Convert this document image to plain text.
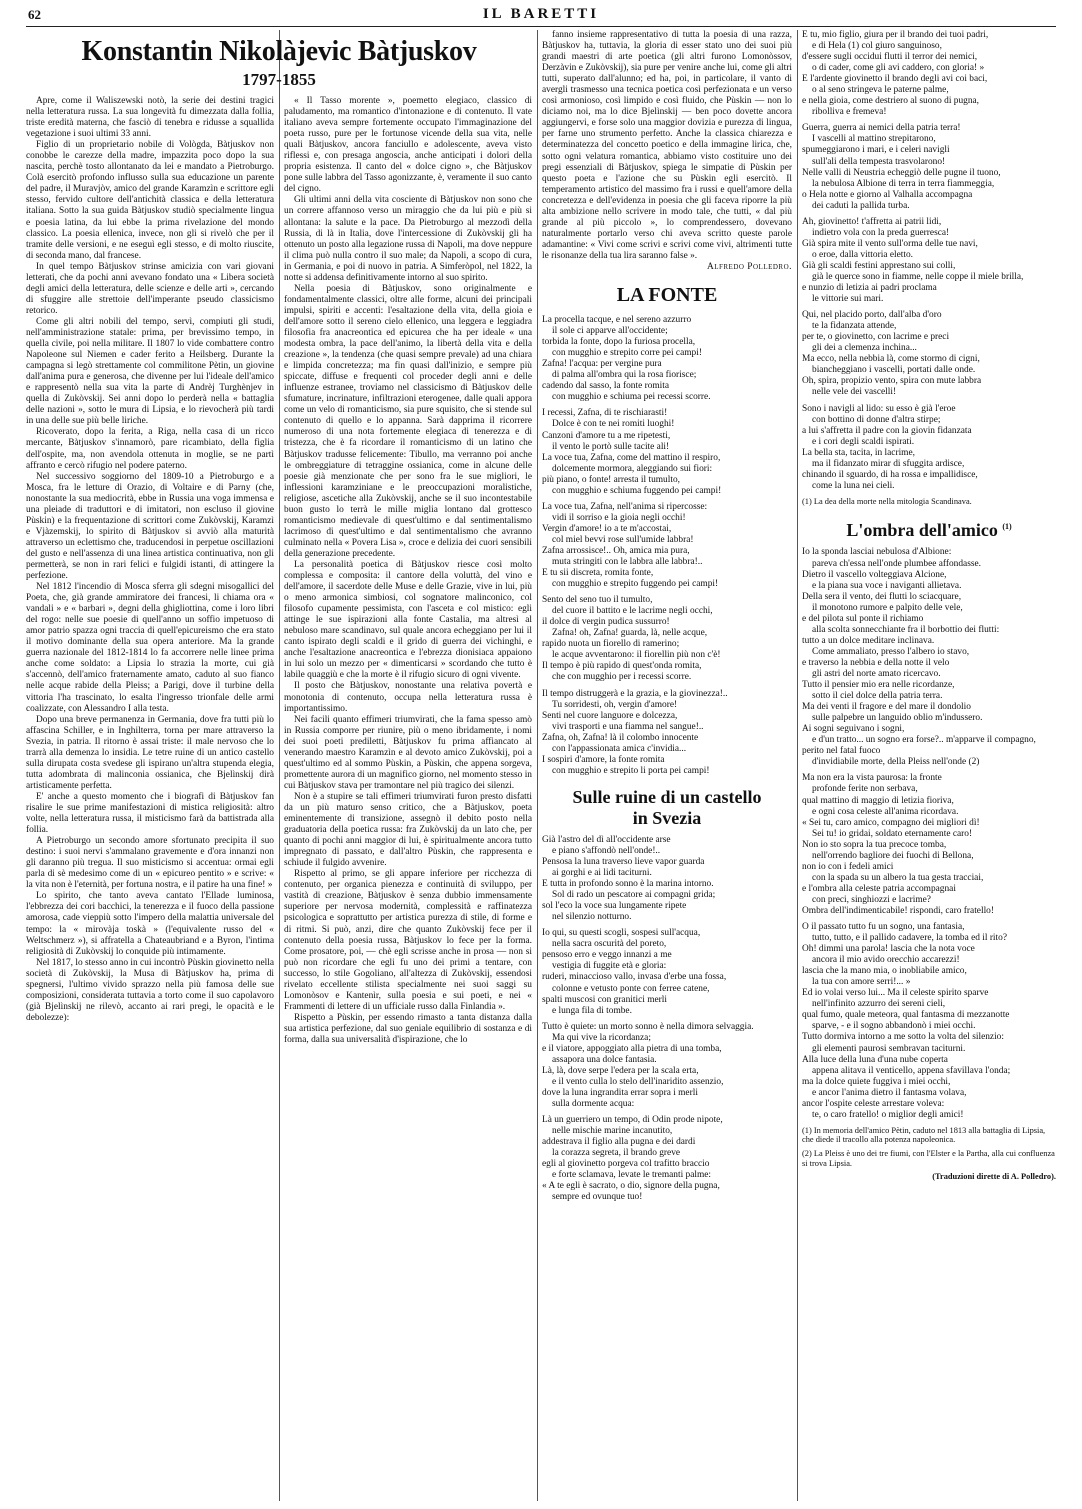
62	IL BARETTI
Konstantin Nikolàjevic Bàtjuskov
1797-1855

Apre, come il Waliszewski notò, la serie dei destini tragici nella letteratura russa. La sua longevità fu dimezzata dalla follia, triste eredità materna, che fasciò di tenebra e ridusse a squallida vegetazione i suoi ultimi 33 anni.

Figlio di un proprietario nobile di Vològda, Bàtjuskov non conobbe le carezze della madre, impazzita poco dopo la sua nascita, perchè tosto allontanato da lei e mandato a Pietroburgo. Colà esercitò profondo influsso sulla sua educazione un parente del padre, il Muravjòv, amico del grande Karamzìn e scrittore egli stesso, fervido cultore dell'antichità classica e della letteratura italiana. Sotto la sua guida Bàtjuskov studiò specialmente lingua e poesia latina, da lui ebbe la prima rivelazione del mondo classico. La poesia ellenica, invece, non gli si rivelò che per il tramite delle versioni, e ne eseguì egli stesso, e di molto riuscite, di seconda mano, dal francese.

In quel tempo Bàtjuskov strinse amicizia con vari giovani letterati, che da pochi anni avevano fondato una « Libera società degli amici della letteratura, delle scienze e delle arti », cercando di sfuggire alle strettoie dell'imperante pseudo classicismo retorico.

Come gli altri nobili del tempo, servì, compiuti gli studi, nell'amministrazione statale: prima, per brevissimo tempo, in quella civile, poi nella militare. Il 1807 lo vide combattere contro Napoleone sul Niemen e cader ferito a Heilsberg. Durante la campagna si legò strettamente col commilitone Pètin, un giovine dall'anima pura e generosa, che divenne per lui l'ideale dell'amico e rappresentò nella sua vita la parte di Andrèj Turghènjev in quella di Zukòvskij. Sei anni dopo lo perderà nella « battaglia delle nazioni », sotto le mura di Lipsia, e lo rievocherà più tardi in una delle sue più belle liriche.

Ricoverato, dopo la ferita, a Riga, nella casa di un ricco mercante, Bàtjuskov s'innamorò, pare ricambiato, della figlia dell'ospite, ma, non avendola ottenuta in moglie, se ne partì affranto e cercò rifugio nel podere paterno.

Nel successivo soggiorno del 1809-10 a Pietroburgo e a Mosca, fra le letture di Orazio, di Voltaire e di Parny (che, nonostante la sua mediocrità, ebbe in Russia una voga immensa e una pleiade di traduttori e di imitatori, non escluso il giovine Pùskin) e la frequentazione di scrittori come Zukòvskij, Karamzì e Vjàzemskij, lo spirito di Bàtjuskov si avviò alla maturità attraverso un eclettismo che, traducendosi in perpetue oscillazioni del gusto e nell'assenza di una linea artistica continuativa, non gli permetterà, se non in rari felici e fulgidi istanti, di attingere la perfezione.

Nel 1812 l'incendio di Mosca sferra gli sdegni misogallici del Poeta, che, già grande ammiratore dei francesi, li chiama ora « vandali » e « barbari », degni della ghigliottina, come i loro libri del rogo: nelle sue poesie di quell'anno un soffio impetuoso di amor patrio spazza ogni traccia di quell'epicureismo che era stato il motivo dominante della sua opera anteriore. Ma la grande guerra nazionale del 1812-1814 lo fa accorrere nelle linee prima anche come soldato: a Lipsia lo strazia la morte, cui già s'accennò, dell'amico fraternamente amato, caduto al suo fianco nelle acque rabide della Pleiss; a Parigi, dove il turbine della vittoria l'ha trascinato, lo esalta l'ingresso trionfale delle armi coalizzate, con Alessandro I alla testa.

Dopo una breve permanenza in Germania, dove fra tutti più lo affascina Schiller, e in Inghilterra, torna per mare attraverso la Svezia, in patria. Il ritorno è assai triste: il male nervoso che lo trarrà alla demenza lo insidia. Le tetre ruine di un antico castello sulla dirupata costa svedese gli ispirano un'altra stupenda elegia, tutta adombrata di malinconia ossianica, che Bjelìnskij dirà artisticamente perfetta.

E' anche a questo momento che i biografi di Bàtjuskov fan risalire le sue prime manifestazioni di mistica religiosità: altro volte, nella letteratura russa, il misticismo farà da battistrada alla follia.

A Pietroburgo un secondo amore sfortunato precipita il suo destino: i suoi nervi s'ammalano gravemente e d'ora innanzi non gli daranno più tregua. Il suo misticismo si accentua: ormai egli parla di sè medesimo come di un « epicureo pentito » e scrive: « la vita non è l'eternità, per fortuna nostra, e il patire ha una fine! »

Lo spirito, che tanto aveva cantato l'Ellade luminosa, l'ebbrezza dei cori bacchici, la tenerezza e il fuoco della passione amorosa, cade vieppiù sotto l'impero della malattia universale del tempo: la « mirovàja toskà » (l'equivalente russo del « Weltschmerz »), si affratella a Chateaubriand e a Byron, l'intima religiosità di Zukòvskij lo conquide più intimamente.

Nel 1817, lo stesso anno in cui incontrò Pùskin giovinetto nella società di Zukòvskij, la Musa di Bàtjuskov ha, prima di spegnersi, l'ultimo vivido sprazzo nella più famosa delle sue composizioni, considerata tuttavia a torto come il suo capolavoro (già Bjelìnskij ne rilevò, accanto ai rari pregi, le opacità e le debolezze):

« Il Tasso morente », poemetto elegiaco, classico di paludamento, ma romantico d'intonazione e di contenuto. Il vate italiano aveva sempre fortemente occupato l'immaginazione del poeta russo, pure per le fortunose vicende della sua vita, nelle quali Bàtjuskov, ancora fanciullo e adolescente, aveva visto riflessi e, con presaga angoscia, anche anticipati i dolori della propria esistenza. Il canto del « dolce cigno », che Bàtjuskov pone sulle labbra del Tasso agonizzante, è, veramente il suo canto del cigno.

Gli ultimi anni della vita cosciente di Bàtjuskov non sono che un correre affannoso verso un miraggio che da lui più e più si allontana: la salute e la pace. Da Pietroburgo al mezzodì della Russia, di là in Italia, dove l'intercessione di Zukòvskij gli ha ottenuto un posto alla legazione russa di Napoli, ma dove neppure il clima può nulla contro il suo male; da Napoli, a scopo di cura, in Germania, e poi di nuovo in patria. A Simferòpol, nel 1822, la notte si addensa definitivamente intorno al suo spirito.

Nella poesia di Bàtjuskov, sono originalmente e fondamentalmente classici, oltre alle forme, alcuni dei principali impulsi, spiriti e accenti: l'esaltazione della vita, della gioia e dell'amore sotto il sereno cielo ellenico, una leggera e leggiadra filosofia fra anacreontica ed epicurea che ha per ideale « una modesta ombra, la pace dell'animo, la libertà della vita e della creazione », la tendenza (che quasi sempre prevale) ad una chiara e limpida concretezza; ma fin quasi dall'inizio, e sempre più spiccate, diffuse e frequenti col proceder degli anni e delle influenze estranee, troviamo nel classicismo di Bàtjuskov delle sfumature, incrinature, infiltrazioni eterogenee, dalle quali appora come un velo di romanticismo, sia pure squisito, che si stende sul contenuto di quello e lo appanna. Sarà dapprima il ricorrere numeroso di una nota fortemente elegiaca di tenerezza e di tristezza, che è fa ricordare il romanticismo di un latino che Bàtjuskov tradusse felicemente: Tibullo, ma verranno poi anche le ombreggiature di tetraggine ossianica, come in alcune delle poesie già menzionate che per sono fra le sue migliori, le inflessioni karamziniane e le preoccupazioni moralistiche, religiose, ascetiche alla Zukòvskij, anche se il suo incontestabile buon gusto lo terrà le mille miglia lontano dal grottesco romanticismo medievale di quest'ultimo e dal sentimentalismo lacrimoso di quest'ultimo e dal sentimentalismo che avranno culminato nella « Povera Lisa », croce e delizia dei cuori sensibili della generazione precedente.

La personalità poetica di Bàtjuskov riesce così molto complessa e composita: il cantore della voluttà, del vino e dell'amore, il sacerdote delle Muse e delle Grazie, vive in lui, più o meno armonica simbiosi, col sognatore malinconico, col filosofo cupamente pessimista, con l'asceta e col mistico: egli attinge le sue ispirazioni alla fonte Castalia, ma altresì al nebuloso mare scandinavo, sul quale ancora echeggiano per lui il canto ispirato degli scaldi e il grido di guerra dei vichinghi, e anche l'esaltazione anacreontica e l'ebrezza dionisiaca appaiono in lui solo un mezzo per « dimenticarsi » scordando che tutto è labile quaggiù e che la morte è il rifugio sicuro di ogni vivente.

Il posto che Bàtjuskov, nonostante una relativa povertà e monotonia di contenuto, occupa nella letteratura russa è importantissimo.

Nei facili quanto effimeri triumvirati, che la fama spesso amò in Russia comporre per riunire, più o meno ibridamente, i nomi dei suoi poeti prediletti, Bàtjuskov fu prima affiancato al venerando maestro Karamzìn e al devoto amico Zukòvskij, poi a quest'ultimo ed al sommo Pùskin, a Pùskin, che appena sorgeva, promettente aurora di un magnifico giorno, nel momento stesso in cui Bàtjuskov stava per tramontare nel più tragico dei silenzi.

Non è a stupire se tali effimeri triumvirati furon presto disfatti da un più maturo senso critico, che a Bàtjuskov, poeta eminentemente di transizione, assegnò il debito posto nella graduatoria della poetica russa: fra Zukòvskij da un lato che, per quanto di pochi anni maggior di lui, è spiritualmente ancora tutto impregnato di passato, e dall'altro Pùskin, che rappresenta e schiude il fulgido avvenire.

Rispetto al primo, se gli appare inferiore per ricchezza di contenuto, per organica pienezza e continuità di sviluppo, per vastità di creazione, Bàtjuskov è senza dubbio immensamente superiore per nervosa modernità, complessità e raffinatezza psicologica e soprattutto per artistica purezza di stile, di forme e di ritmi. Si può, anzi, dire che quanto Zukòvskij fece per il contenuto della poesia russa, Bàtjuskov lo fece per la forma. Come prosatore, poi, — chè egli scrisse anche in prosa — non si può non ricordare che egli fu uno dei primi a tentare, con successo, lo stile Gogoliano, all'altezza di Zukòvskij, essendosi rivelato eccellente stilista specialmente nei suoi saggi su Lomonòsov e Kantenìr, sulla poesia e sui poeti, e nei « Frammenti di lettere di un ufficiale russo dalla Finlandia ».

Rispetto a Pùskin, per essendo rimasto a tanta distanza dalla sua artistica perfezione, dal suo geniale equilibrio di sostanza e di forma, dalla sua universalità d'ispirazione, che lo

fanno insieme rappresentativo di tutta la poesia di una razza, Bàtjuskov ha, tuttavia, la gloria di esser stato uno dei suoi più grandi maestri di arte poetica (gli altri furono Lomonòssov, Derzàvin e Zukòvskij), sia pure per venire anche lui, come gli altri tutti, superato dall'alunno; ed ha, poi, in particolare, il vanto di avergli trasmesso una tecnica poetica così perfezionata e un verso così armonioso, così limpido e così fluido, che Pùskin — non lo diciamo noi, ma lo dice Bjelìnskij — ben poco dovette ancora aggiungervi, e forse solo una maggior dovizia e purezza di lingua, per farne uno strumento perfetto. Anche la classica chiarezza e determinatezza del concetto poetico e della immagine lirica, che, sotto ogni velatura romantica, abbiamo visto costituire uno dei pregi essenziali di Bàtjuskov, spiega le simpatie di Pùskin per questo poeta e l'azione che su Pùskin egli esercitò. Il temperamento artistico del massimo fra i russi e quell'amore della concretezza e dell'evidenza in poesia che gli faceva riporre la più alta ambizione nello scrivere in modo tale, che tutti, « dal più grande al più piccolo », lo comprendessero, dovevano naturalmente portarlo verso chi aveva scritto queste parole adamantine: « Vivi come scrivi e scrivi come vivi, altrimenti tutte le risonanze della tua lira saranno false ».

Alfredo Polledro.

LA FONTE
La procella tacque, e nel sereno azzurro
il sole ci apparve all'occidente;
torbida la fonte, dopo la furiosa procella,
con mugghio e strepito corre pei campi!
Zafna! l'acqua: per vergine pura
di palma all'ombra qui la rosa fiorisce;
cadendo dal sasso, la fonte romita
con mugghio e schiuma pei recessi scorre.
I recessi, Zafna, di te rischiarasti!
Dolce è con te nei romiti luoghi!
Canzoni d'amore tu a me ripetesti,
il vento le portò sulle tacite ali!
La voce tua, Zafna, come del mattino il respiro,
dolcemente mormora, aleggiando sui fiori:
più piano, o fonte! arresta il tumulto,
con mugghio e schiuma fuggendo pei campi!
La voce tua, Zafna, nell'anima si ripercosse:
vidi il sorriso e la gioia negli occhi!
Vergin d'amore! io a te m'accostai,
col miel bevvi rose sull'umide labbra!
Zafna arrossisce!.. Oh, amica mia pura,
muta stringiti con le labbra alle labbra!..
E tu sii discreta, romita fonte,
con mugghio e strepito fuggendo pei campi!
Sento del seno tuo il tumulto,
del cuore il battito e le lacrime negli occhi,
il dolce di vergin pudica sussurro!
Zafna! oh, Zafna! guarda, là, nelle acque,
rapido nuota un fiorello di ramerino;
le acque avventarono: il fiorellin più non c'è!
Il tempo è più rapido di quest'onda romita,
che con mugghio per i recessi scorre.
Il tempo distruggerà e la grazia, e la giovinezza!..
Tu sorridesti, oh, vergin d'amore!
Senti nel cuore languore e dolcezza,
vivi trasporti e una fiamma nel sangue!..
Zafna, oh, Zafna! là il colombo innocente
con l'appassionata amica c'invidia...
I sospiri d'amore, la fonte romita
con mugghio e strepito li porta pei campi!
Sulle ruine di un castello
in Svezia
Già l'astro del dì all'occidente arse
e piano s'affondò nell'onde!..
Pensosa la luna traverso lieve vapor guarda
ai gorghi e ai lidi taciturni.
E tutta in profondo sonno è la marina intorno.
Sol di rado un pescatore ai compagni grida;
sol l'eco la voce sua lungamente ripete
nel silenzio notturno.
Io qui, su questi scogli, sospesi sull'acqua,
nella sacra oscurità del poreto,
pensoso erro e veggo innanzi a me
vestigia di fuggite età e gloria:
ruderi, minaccioso vallo, invasa d'erbe una fossa,
colonne e vetusto ponte con ferree catene,
spalti muscosi con granitici merli
e lunga fila di tombe.
Tutto è quiete: un morto sonno è nella dimora selvaggia.
Ma qui vive la ricordanza;
e il viatore, appoggiato alla pietra di una tomba,
assapora una dolce fantasia.
Là, là, dove serpe l'edera per la scala erta,
e il vento culla lo stelo dell'inaridito assenzio,
dove la luna ingrandita errar sopra i merli
sulla dormente acqua:
Là un guerriero un tempo, di Odin prode nipote,
nelle mischie marine incanutito,
addestrava il figlio alla pugna e dei dardi
la corazza segreta, il brando greve
egli al giovinetto porgeva col trafitto braccio
e forte sclamava, levate le tremanti palme:
« A te egli è sacrato, o dio, signore della pugna,
sempre ed ovunque tuo!
E tu, mio figlio, giura per il brando dei tuoi padri,
e di Hela (1) col giuro sanguinoso,
d'essere sugli occidui flutti il terror dei nemici,
o di cader, come gli avi caddero, con gloria! »
E l'ardente giovinetto il brando degli avi coi baci,
o al seno stringeva le paterne palme,
e nella gioia, come destriero al suono di pugna,
ribolliva e fremeva!
Guerra, guerra ai nemici della patria terra!
I vascelli al mattino strepitarono,
spumeggiarono i mari, e i celeri navigli
sull'ali della tempesta trasvolarono!
Nelle valli di Neustria echeggiò delle pugne il tuono,
la nebulosa Albione di terra in terra fiammeggia,
o Hela notte e giorno al Valhalla accompagna
dei caduti la pallida turba.
Ah, giovinetto! t'affretta ai patrii lidi,
indietro vola con la preda guerresca!
Già spira mite il vento sull'orma delle tue navi,
o eroe, dalla vittoria eletto.
Già gli scaldi festini apprestano sui colli,
già le querce sono in fiamme, nelle coppe il miele brilla,
e nunzio di letizia ai padri proclama
le vittorie sui mari.
Qui, nel placido porto, dall'alba d'oro
te la fidanzata attende,
per te, o giovinetto, con lacrime e preci
gli dei a clemenza inchina...
Ma ecco, nella nebbia là, come stormo di cigni,
biancheggiano i vascelli, portati dalle onde.
Oh, spira, propizio vento, spira con mute labbra
nelle vele dei vascelli!
Sono i navigli al lido: su esso è già l'eroe
con bottino di donne d'altra stirpe;
a lui s'affretta il padre con la giovin fidanzata
e i cori degli scaldi ispirati.
La bella sta, tacita, in lacrime,
ma il fidanzato mirar di sfuggita ardisce,
chinando il sguardo, di ha rossa e impallidisce,
come la luna nei cieli.
(1) La dea della morte nella mitologia Scandinava.
L'ombra dell'amico $^{(1)}$
Io la sponda lasciai nebulosa d'Albione:
pareva ch'essa nell'onde plumbee affondasse.
Dietro il vascello volteggiava Alcione,
e la piana sua voce i naviganti allietava.
Della sera il vento, dei flutti lo sciacquare,
il monotono rumore e palpito delle vele,
e del pilota sul ponte il richiamo
alla scolta sonnecchiante fra il borbottio dei flutti:
tutto a un dolce meditare inclinava.
Come ammaliato, presso l'albero io stavo,
e traverso la nebbia e della notte il velo
gli astri del norte amato ricercavo.
Tutto il pensier mio era nelle ricordanze,
sotto il ciel dolce della patria terra.
Ma dei venti il fragore e del mare il dondolio
sulle palpebre un languido oblio m'indussero.
Ai sogni seguivano i sogni,
e d'un tratto... un sogno era forse?.. m'apparve il compagno,
perito nel fatal fuoco
d'invidiabile morte, della Pleiss nell'onde (2)
Ma non era la vista paurosa: la fronte
profonde ferite non serbava,
qual mattino di maggio di letizia fioriva,
e ogni cosa celeste all'anima ricordava.
« Sei tu, caro amico, compagno dei migliori dì!
Sei tu! io gridai, soldato eternamente caro!
Non io sto sopra la tua precoce tomba,
nell'orrendo bagliore dei fuochi di Bellona,
non io con i fedeli amici
con la spada su un albero la tua gesta tracciai,
e l'ombra alla celeste patria accompagnai
con preci, singhiozzi e lacrime?
Ombra dell'indimenticabile! rispondi, caro fratello!
O il passato tutto fu un sogno, una fantasia,
tutto, tutto, e il pallido cadavere, la tomba ed il rito?
Oh! dimmi una parola! lascia che la nota voce
ancora il mio avido orecchio accarezzi!
lascia che la mano mia, o inobliabile amico,
la tua con amore serri!... »
Ed io volai verso lui... Ma il celeste spirito sparve
nell'infinito azzurro dei sereni cieli,
qual fumo, quale meteora, qual fantasma di mezzanotte
sparve, - e il sogno abbandonò i miei occhi.
Tutto dormiva intorno a me sotto la volta del silenzio:
gli elementi paurosi sembravan taciturni.
Alla luce della luna d'una nube coperta
appena alitava il venticello, appena sfavillava l'onda;
ma la dolce quiete fuggiva i miei occhi,
e ancor l'anima dietro il fantasma volava,
ancor l'ospite celeste arrestare voleva:
te, o caro fratello! o miglior degli amici!
(1) In memoria dell'amico Pètin, caduto nel 1813 alla battaglia di Lipsia, che diede il tracollo alla potenza napoleonica.
(2) La Pleiss è uno dei tre fiumi, con l'Elster e la Partha, alla cui confluenza si trova Lipsia.
(Traduzioni dirette di A. Polledro).
